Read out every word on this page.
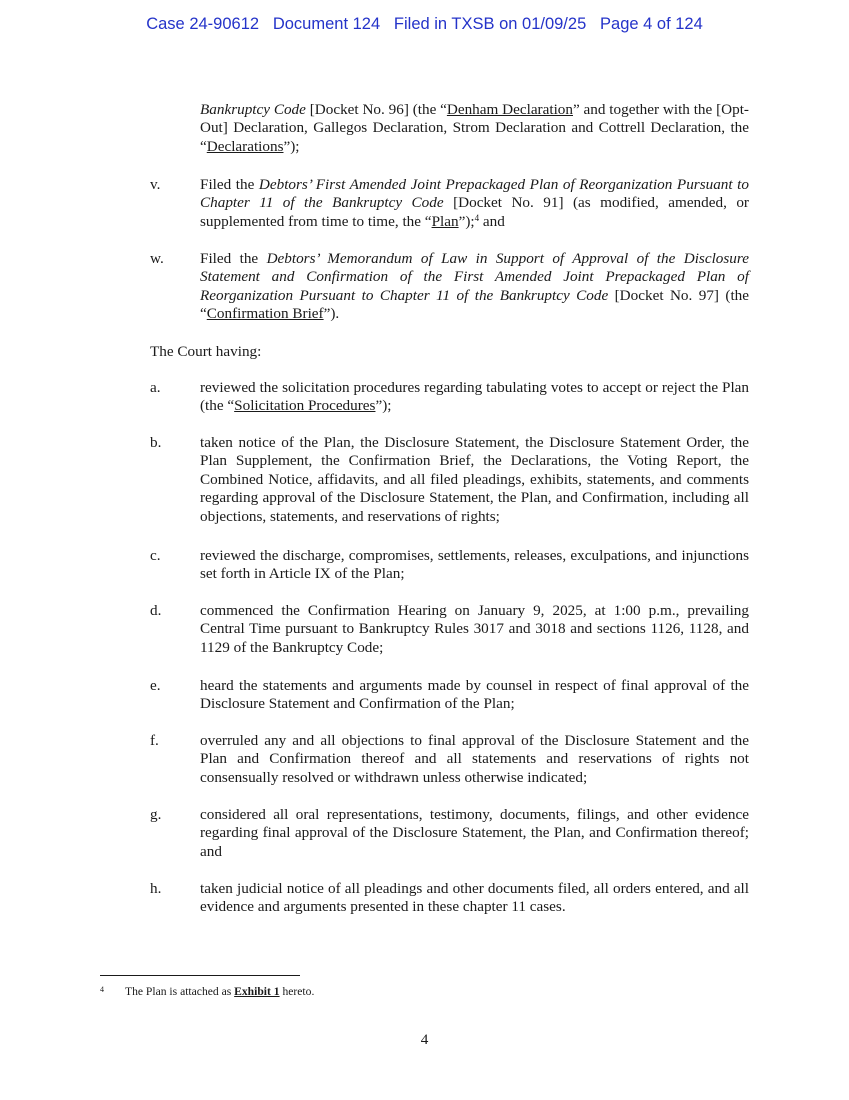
Case 24-90612 Document 124 Filed in TXSB on 01/09/25 Page 4 of 124
Bankruptcy Code [Docket No. 96] (the “Denham Declaration” and together with the [Opt-Out] Declaration, Gallegos Declaration, Strom Declaration and Cottrell Declaration, the “Declarations”);
v.	Filed the Debtors’ First Amended Joint Prepackaged Plan of Reorganization Pursuant to Chapter 11 of the Bankruptcy Code [Docket No. 91] (as modified, amended, or supplemented from time to time, the “Plan”);$^4$ and
w.	Filed the Debtors’ Memorandum of Law in Support of Approval of the Disclosure Statement and Confirmation of the First Amended Joint Prepackaged Plan of Reorganization Pursuant to Chapter 11 of the Bankruptcy Code [Docket No. 97] (the “Confirmation Brief”).
The Court having:
a.	reviewed the solicitation procedures regarding tabulating votes to accept or reject the Plan (the “Solicitation Procedures”);
b.	taken notice of the Plan, the Disclosure Statement, the Disclosure Statement Order, the Plan Supplement, the Confirmation Brief, the Declarations, the Voting Report, the Combined Notice, affidavits, and all filed pleadings, exhibits, statements, and comments regarding approval of the Disclosure Statement, the Plan, and Confirmation, including all objections, statements, and reservations of rights;
c.	reviewed the discharge, compromises, settlements, releases, exculpations, and injunctions set forth in Article IX of the Plan;
d.	commenced the Confirmation Hearing on January 9, 2025, at 1:00 p.m., prevailing Central Time pursuant to Bankruptcy Rules 3017 and 3018 and sections 1126, 1128, and 1129 of the Bankruptcy Code;
e.	heard the statements and arguments made by counsel in respect of final approval of the Disclosure Statement and Confirmation of the Plan;
f.	overruled any and all objections to final approval of the Disclosure Statement and the Plan and Confirmation thereof and all statements and reservations of rights not consensually resolved or withdrawn unless otherwise indicated;
g.	considered all oral representations, testimony, documents, filings, and other evidence regarding final approval of the Disclosure Statement, the Plan, and Confirmation thereof; and
h.	taken judicial notice of all pleadings and other documents filed, all orders entered, and all evidence and arguments presented in these chapter 11 cases.
$^4$ The Plan is attached as Exhibit 1 hereto.
4
